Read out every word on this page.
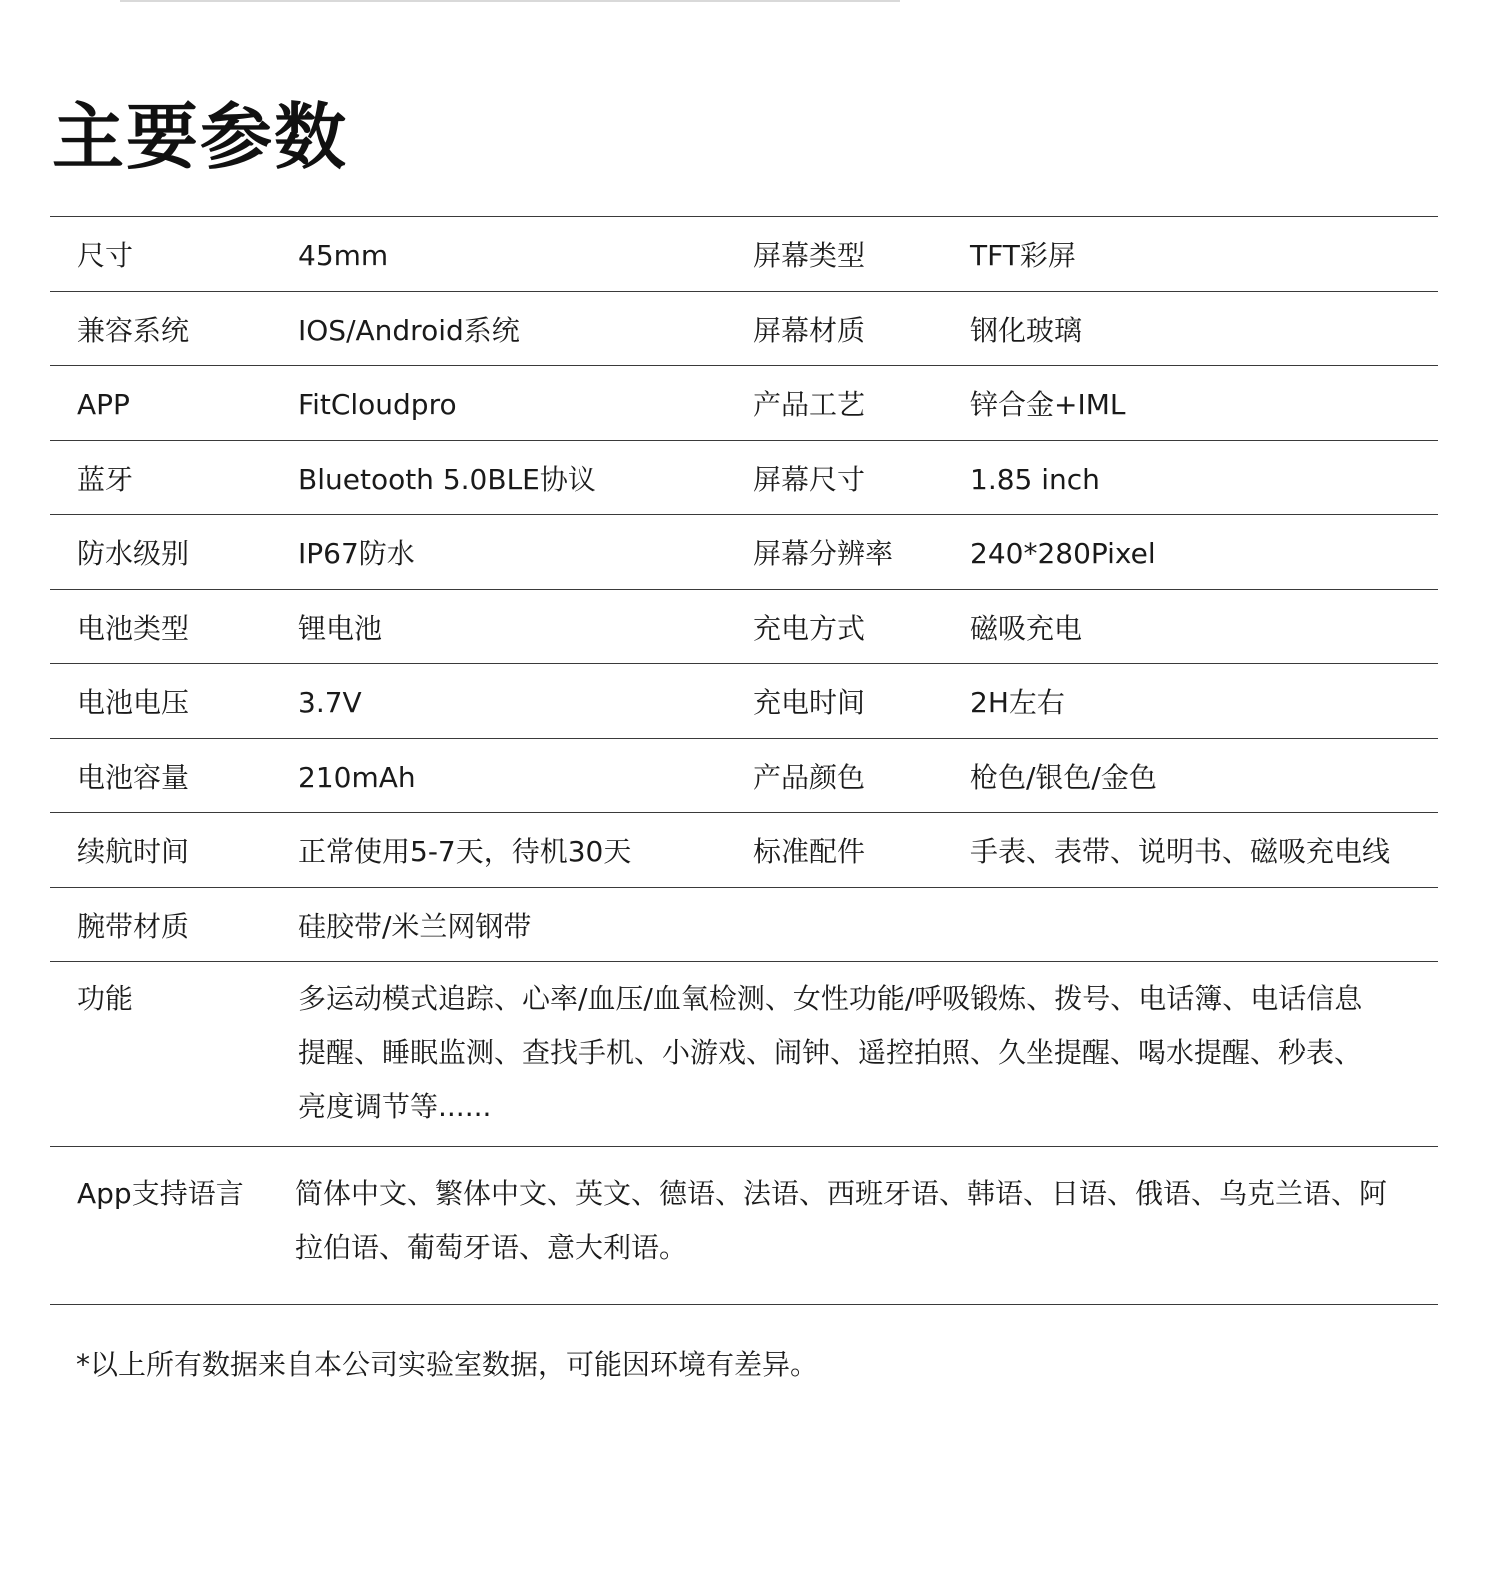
主要参数
尺寸	45mm	屏幕类型	TFT彩屏
兼容系统	IOS/Android系统	屏幕材质	钢化玻璃
APP	FitCloudpro	产品工艺	锌合金+IML
蓝牙	Bluetooth 5.0BLE协议	屏幕尺寸	1.85 inch
防水级别	IP67防水	屏幕分辨率	240*280Pixel
电池类型	锂电池	充电方式	磁吸充电
电池电压	3.7V	充电时间	2H左右
电池容量	210mAh	产品颜色	枪色/银色/金色
续航时间	正常使用5-7天，待机30天	标准配件	手表、表带、说明书、磁吸充电线
腕带材质	硅胶带/米兰网钢带
功能	多运动模式追踪、心率/血压/血氧检测、女性功能/呼吸锻炼、拨号、电话簿、电话信息提醒、睡眠监测、查找手机、小游戏、闹钟、遥控拍照、久坐提醒、喝水提醒、秒表、亮度调节等......
App支持语言 简体中文、繁体中文、英文、德语、法语、西班牙语、韩语、日语、俄语、乌克兰语、阿拉伯语、葡萄牙语、意大利语。
*以上所有数据来自本公司实验室数据，可能因环境有差异。
